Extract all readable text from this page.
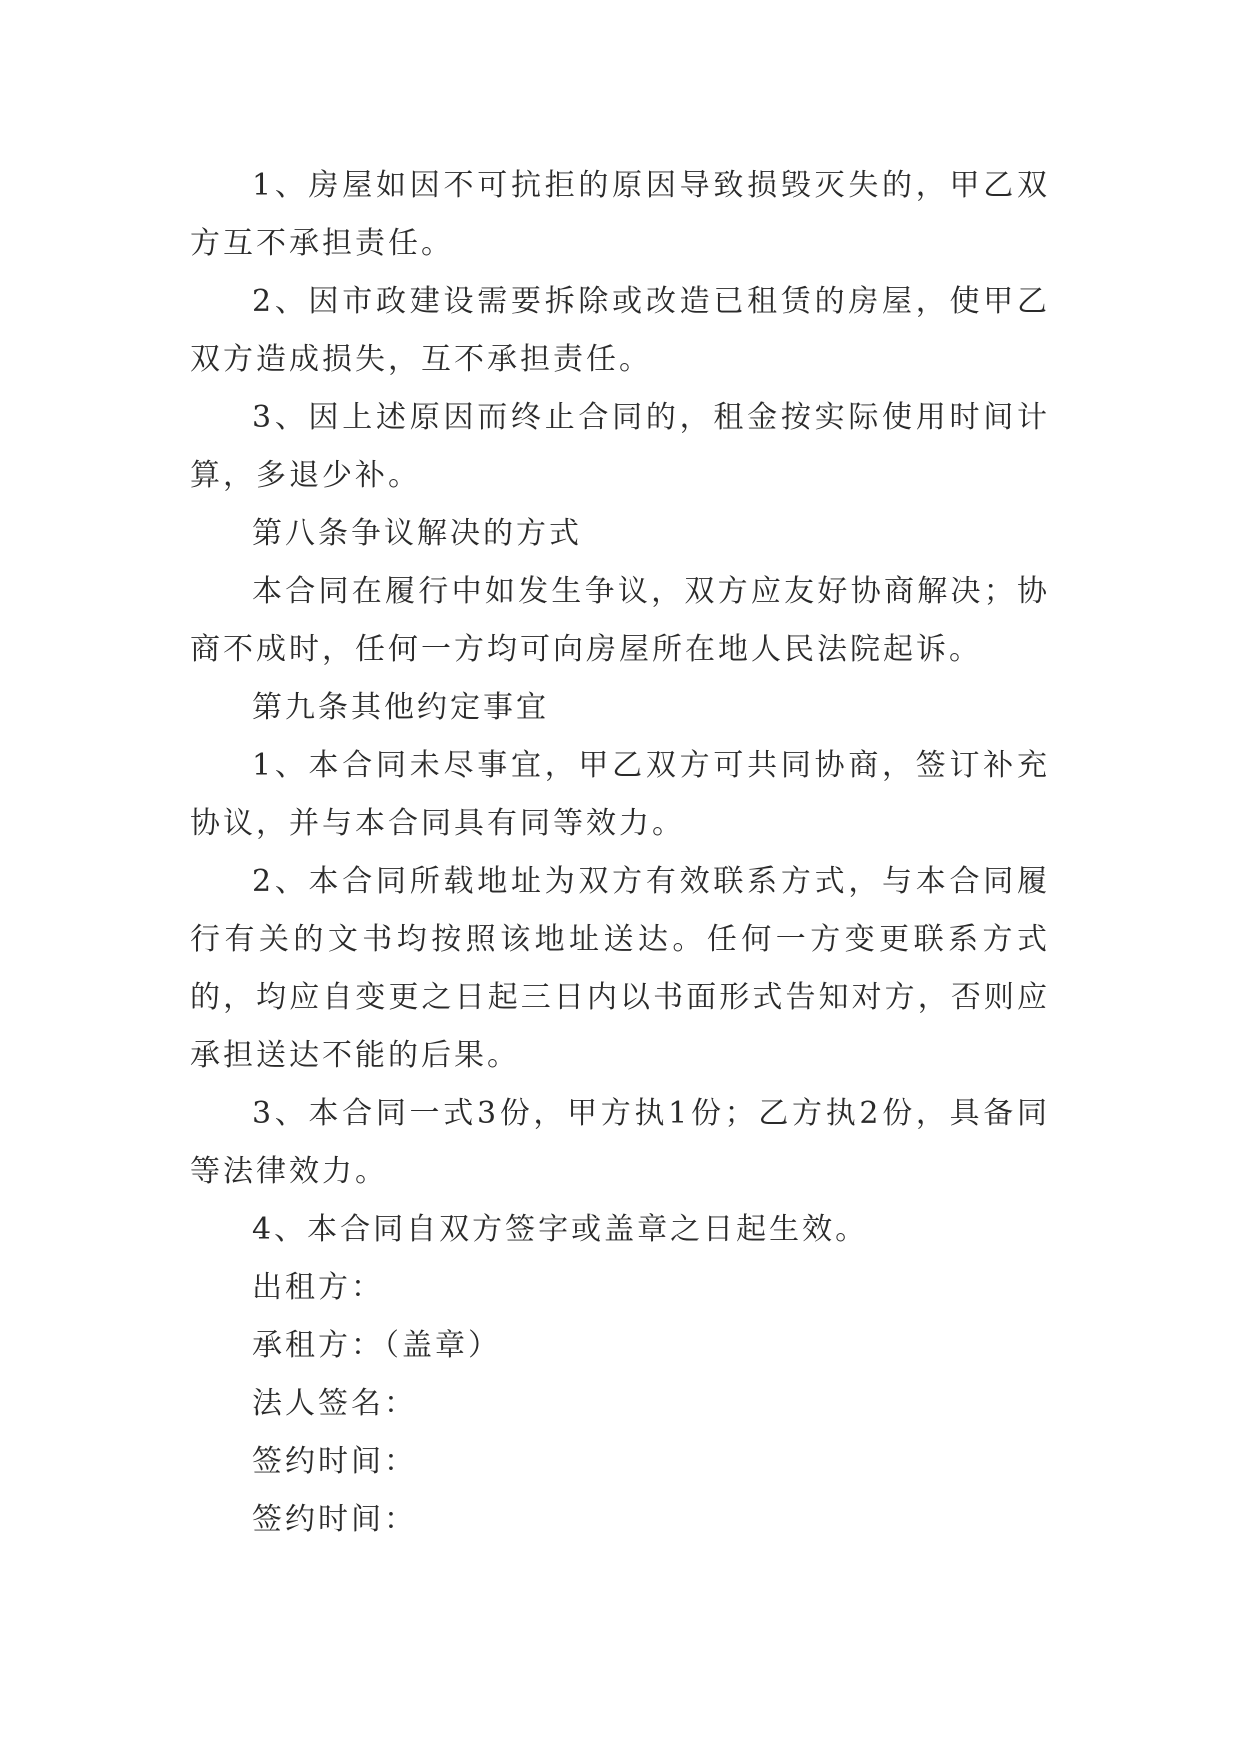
1、房屋如因不可抗拒的原因导致损毁灭失的，甲乙双方互不承担责任。

2、因市政建设需要拆除或改造已租赁的房屋，使甲乙双方造成损失，互不承担责任。

3、因上述原因而终止合同的，租金按实际使用时间计算，多退少补。

第八条争议解决的方式

本合同在履行中如发生争议，双方应友好协商解决；协商不成时，任何一方均可向房屋所在地人民法院起诉。

第九条其他约定事宜

1、本合同未尽事宜，甲乙双方可共同协商，签订补充协议，并与本合同具有同等效力。

2、本合同所载地址为双方有效联系方式，与本合同履行有关的文书均按照该地址送达。任何一方变更联系方式的，均应自变更之日起三日内以书面形式告知对方，否则应承担送达不能的后果。

3、本合同一式3份，甲方执1份；乙方执2份，具备同等法律效力。

4、本合同自双方签字或盖章之日起生效。

出租方：

承租方：（盖章）

法人签名：

签约时间：

签约时间：
